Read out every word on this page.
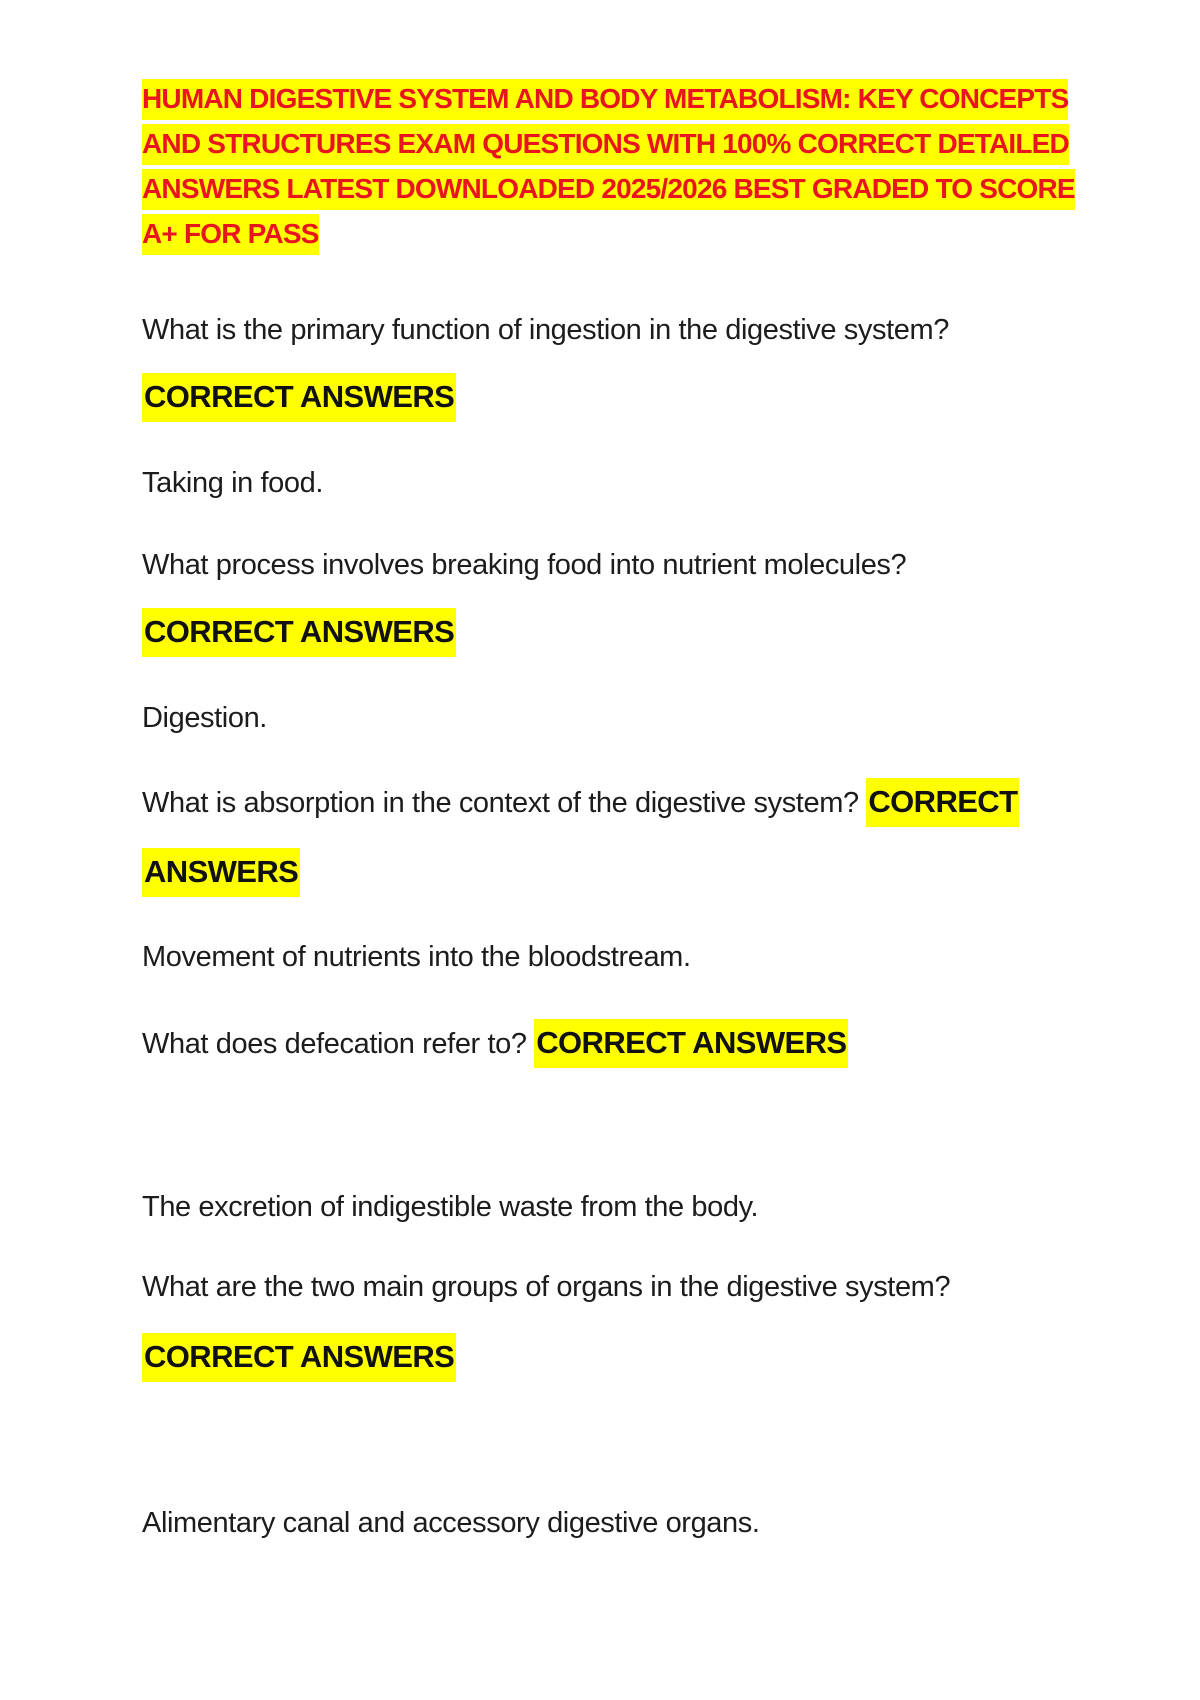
HUMAN DIGESTIVE SYSTEM AND BODY METABOLISM: KEY CONCEPTS AND STRUCTURES EXAM QUESTIONS WITH 100% CORRECT DETAILED ANSWERS LATEST DOWNLOADED 2025/2026 BEST GRADED TO SCORE A+ FOR PASS

What is the primary function of ingestion in the digestive system?

CORRECT ANSWERS

Taking in food.

What process involves breaking food into nutrient molecules?

CORRECT ANSWERS

Digestion.

What is absorption in the context of the digestive system? CORRECT

ANSWERS

Movement of nutrients into the bloodstream.

What does defecation refer to? CORRECT ANSWERS

The excretion of indigestible waste from the body.

What are the two main groups of organs in the digestive system?

CORRECT ANSWERS

Alimentary canal and accessory digestive organs.
